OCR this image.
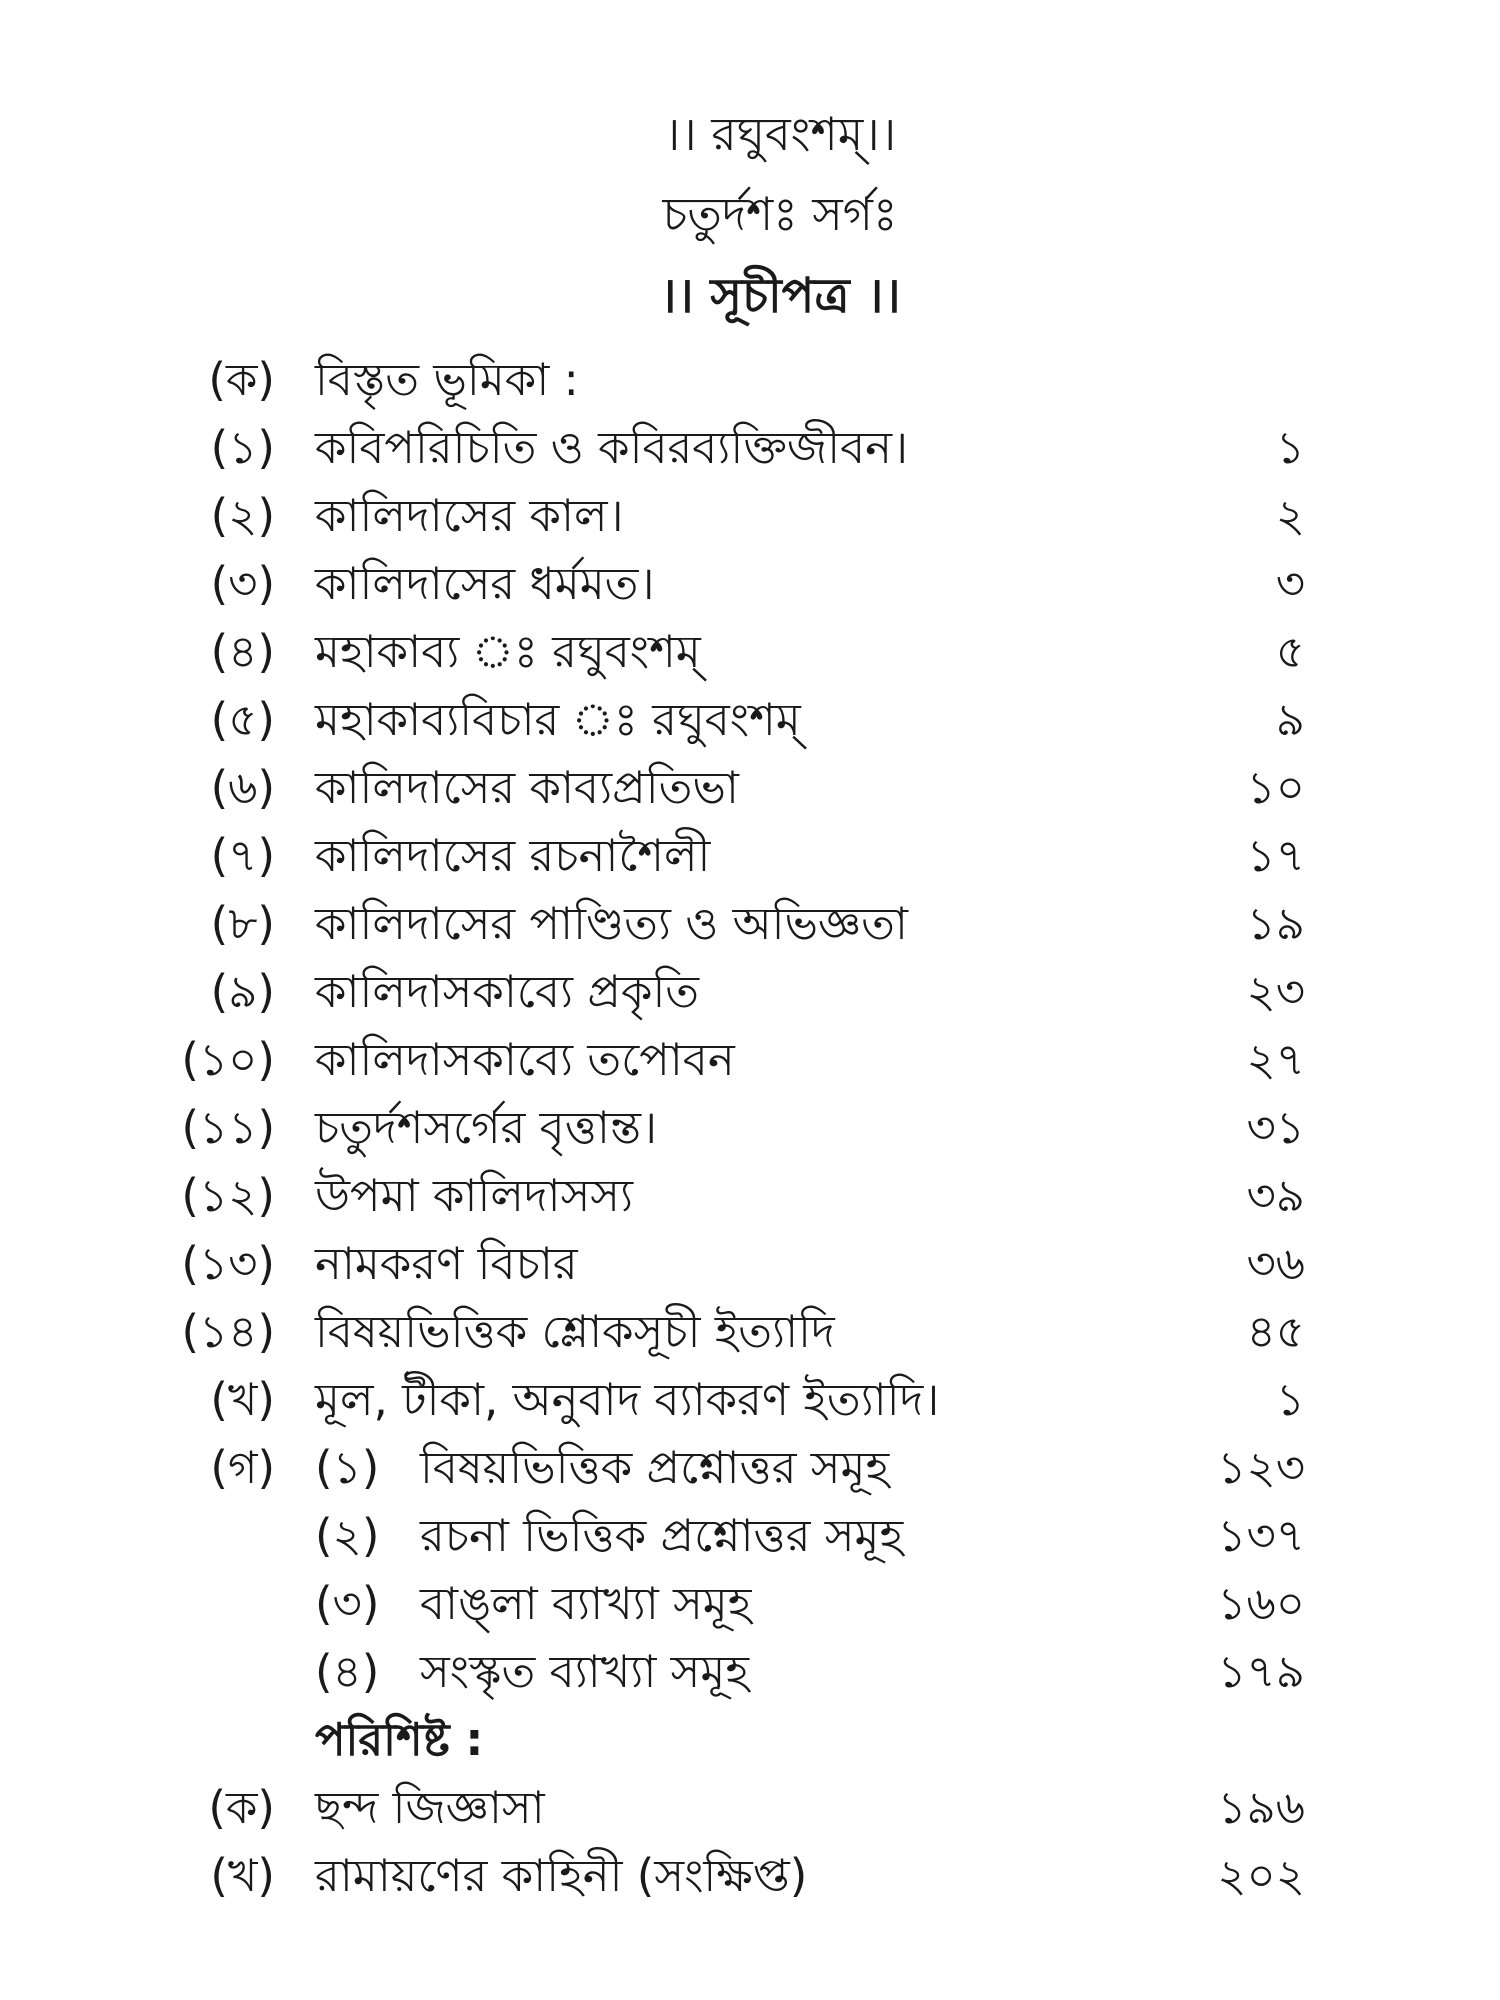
।। রঘুবংশম্।।
চতুর্দশঃ সর্গঃ
।। সূচীপত্র ।।
(ক) বিস্তৃত ভূমিকা :
(১) কবিপরিচিতি ও কবিরব্যক্তিজীবন।	১
(২) কালিদাসের কাল।	২
(৩) কালিদাসের ধর্মমত।	৩
(৪) মহাকাব্য ঃ রঘুবংশম্	৫
(৫) মহাকাব্যবিচার ঃ রঘুবংশম্	৯
(৬) কালিদাসের কাব্যপ্রতিভা	১০
(৭) কালিদাসের রচনাশৈলী	১৭
(৮) কালিদাসের পাণ্ডিত্য ও অভিজ্ঞতা	১৯
(৯) কালিদাসকাব্যে প্রকৃতি	২৩
(১০) কালিদাসকাব্যে তপোবন	২৭
(১১) চতুর্দশসর্গের বৃত্তান্ত।	৩১
(১২) উপমা কালিদাসস্য	৩৯
(১৩) নামকরণ বিচার	৩৬
(১৪) বিষয়ভিত্তিক শ্লোকসূচী ইত্যাদি	৪৫
(খ) মূল, টীকা, অনুবাদ ব্যাকরণ ইত্যাদি।	১
(গ) (১) বিষয়ভিত্তিক প্রশ্নোত্তর সমূহ	১২৩
(২) রচনা ভিত্তিক প্রশ্নোত্তর সমূহ	১৩৭
(৩) বাঙ্লা ব্যাখ্যা সমূহ	১৬০
(৪) সংস্কৃত ব্যাখ্যা সমূহ	১৭৯
পরিশিষ্ট :
(ক) ছন্দ জিজ্ঞাসা	১৯৬
(খ) রামায়ণের কাহিনী (সংক্ষিপ্ত)	২০২
